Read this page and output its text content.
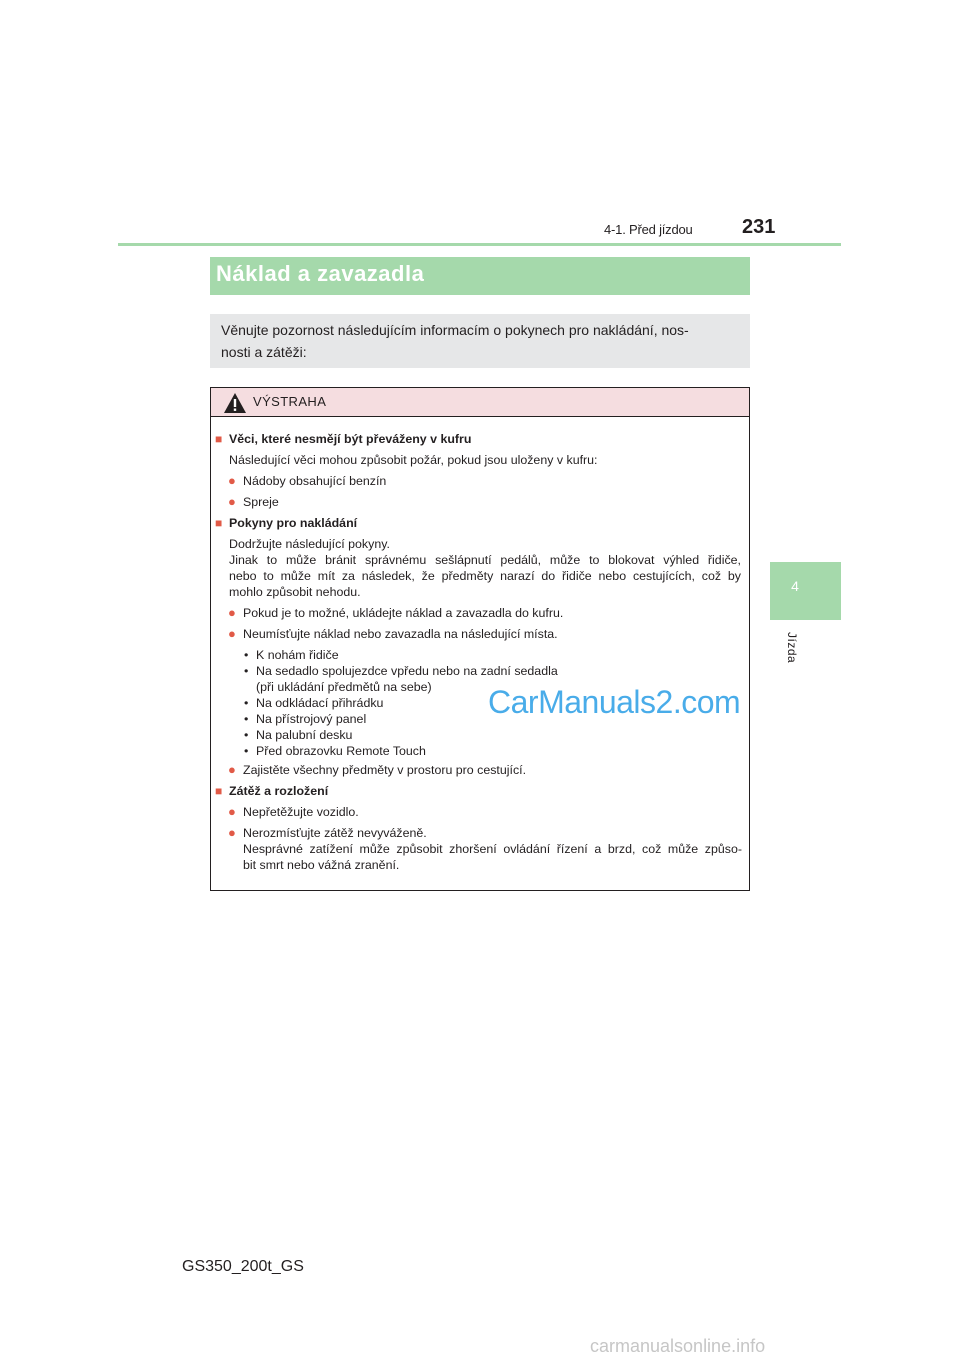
4-1. Před jízdou 231
4
Jízda
Náklad a zavazadla
Věnujte pozornost následujícím informacím o pokynech pro nakládání, nos-
nosti a zátěži:
VÝSTRAHA
■ Věci, které nesmějí být převáženy v kufru
Následující věci mohou způsobit požár, pokud jsou uloženy v kufru:
● Nádoby obsahující benzín
● Spreje
■ Pokyny pro nakládání
Dodržujte následující pokyny.
Jinak to může bránit správnému sešlápnutí pedálů, může to blokovat výhled řidiče,
nebo to může mít za následek, že předměty narazí do řidiče nebo cestujících, což by
mohlo způsobit nehodu.
● Pokud je to možné, ukládejte náklad a zavazadla do kufru.
● Neumísťujte náklad nebo zavazadla na následující místa.
• K nohám řidiče
• Na sedadlo spolujezdce vpředu nebo na zadní sedadla
(při ukládání předmětů na sebe)
• Na odkládací přihrádku
• Na přístrojový panel
• Na palubní desku
• Před obrazovku Remote Touch
● Zajistěte všechny předměty v prostoru pro cestující.
■ Zátěž a rozložení
● Nepřetěžujte vozidlo.
● Nerozmísťujte zátěž nevyváženě.
Nesprávné zatížení může způsobit zhoršení ovládání řízení a brzd, což může způso-
bit smrt nebo vážná zranění.
CarManuals2.com
GS350_200t_GS
carmanualsonline.info
